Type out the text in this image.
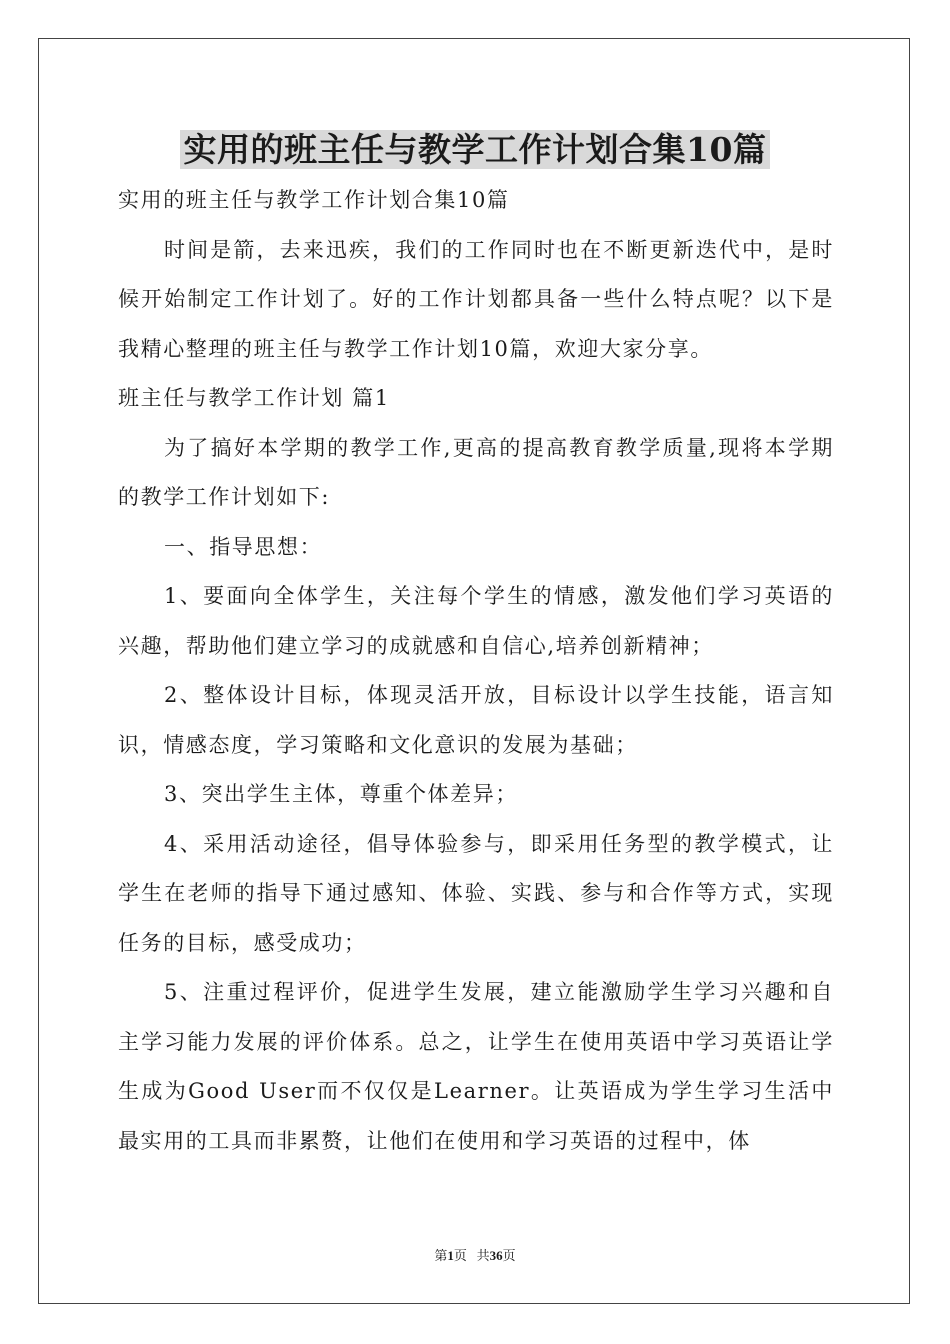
实用的班主任与教学工作计划合集10篇

实用的班主任与教学工作计划合集10篇

时间是箭，去来迅疾，我们的工作同时也在不断更新迭代中，是时候开始制定工作计划了。好的工作计划都具备一些什么特点呢？以下是我精心整理的班主任与教学工作计划10篇，欢迎大家分享。

班主任与教学工作计划 篇1

为了搞好本学期的教学工作,更高的提高教育教学质量,现将本学期的教学工作计划如下:

一、指导思想：

1、要面向全体学生，关注每个学生的情感，激发他们学习英语的兴趣，帮助他们建立学习的成就感和自信心,培养创新精神；

2、整体设计目标，体现灵活开放，目标设计以学生技能，语言知识，情感态度，学习策略和文化意识的发展为基础；

3、突出学生主体，尊重个体差异；

4、采用活动途径，倡导体验参与，即采用任务型的教学模式，让学生在老师的指导下通过感知、体验、实践、参与和合作等方式，实现任务的目标，感受成功；

5、注重过程评价，促进学生发展，建立能激励学生学习兴趣和自主学习能力发展的评价体系。总之，让学生在使用英语中学习英语让学生成为Good User而不仅仅是Learner。让英语成为学生学习生活中最实用的工具而非累赘，让他们在使用和学习英语的过程中，体

第1页 共36页
